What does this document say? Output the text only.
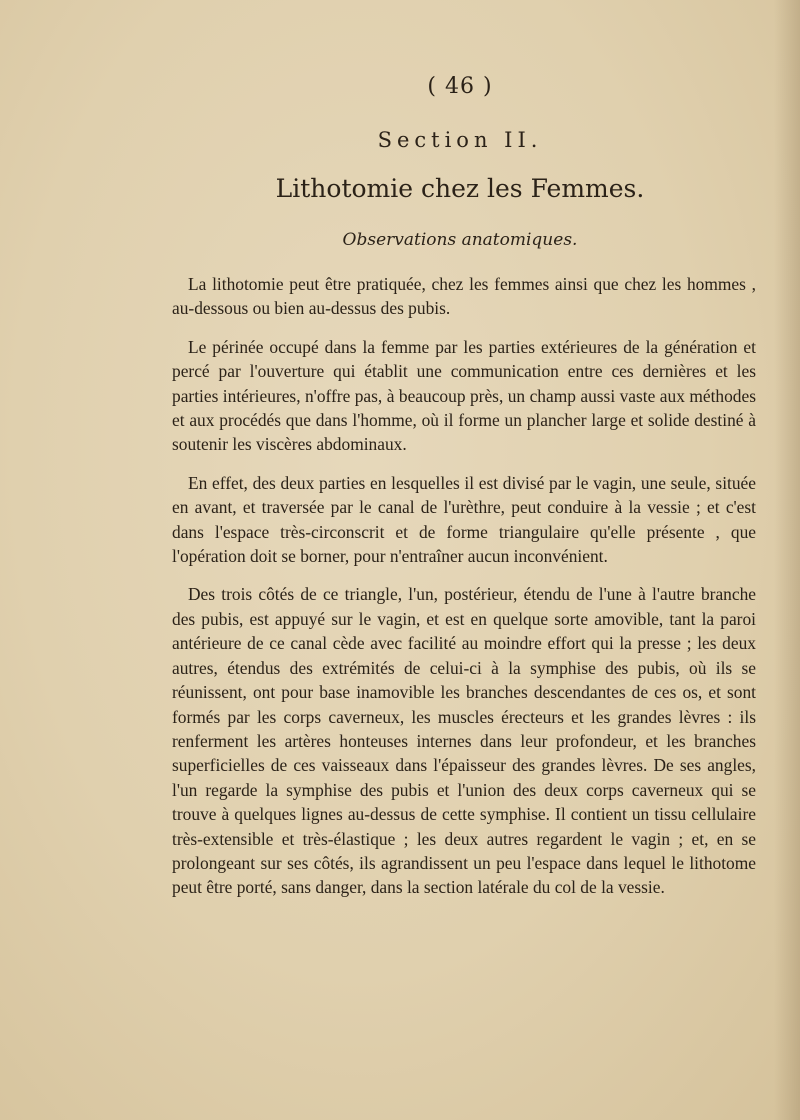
( 46 )
Section II.
Lithotomie chez les Femmes.
Observations anatomiques.

La lithotomie peut être pratiquée, chez les femmes ainsi que chez les hommes , au-dessous ou bien au-dessus des pubis.

Le périnée occupé dans la femme par les parties extérieures de la génération et percé par l'ouverture qui établit une communication entre ces dernières et les parties intérieures, n'offre pas, à beaucoup près, un champ aussi vaste aux méthodes et aux procédés que dans l'homme, où il forme un plancher large et solide destiné à soutenir les viscères abdominaux.

En effet, des deux parties en lesquelles il est divisé par le vagin, une seule, située en avant, et traversée par le canal de l'urèthre, peut conduire à la vessie ; et c'est dans l'espace très-circonscrit et de forme triangulaire qu'elle présente , que l'opération doit se borner, pour n'entraîner aucun inconvénient.

Des trois côtés de ce triangle, l'un, postérieur, étendu de l'une à l'autre branche des pubis, est appuyé sur le vagin, et est en quelque sorte amovible, tant la paroi antérieure de ce canal cède avec facilité au moindre effort qui la presse ; les deux autres, étendus des extrémités de celui-ci à la symphise des pubis, où ils se réunissent, ont pour base inamovible les branches descendantes de ces os, et sont formés par les corps caverneux, les muscles érecteurs et les grandes lèvres : ils renferment les artères honteuses internes dans leur profondeur, et les branches superficielles de ces vaisseaux dans l'épaisseur des grandes lèvres. De ses angles, l'un regarde la symphise des pubis et l'union des deux corps caverneux qui se trouve à quelques lignes au-dessus de cette symphise. Il contient un tissu cellulaire très-extensible et très-élastique ; les deux autres regardent le vagin ; et, en se prolongeant sur ses côtés, ils agrandissent un peu l'espace dans lequel le lithotome peut être porté, sans danger, dans la section latérale du col de la vessie.
